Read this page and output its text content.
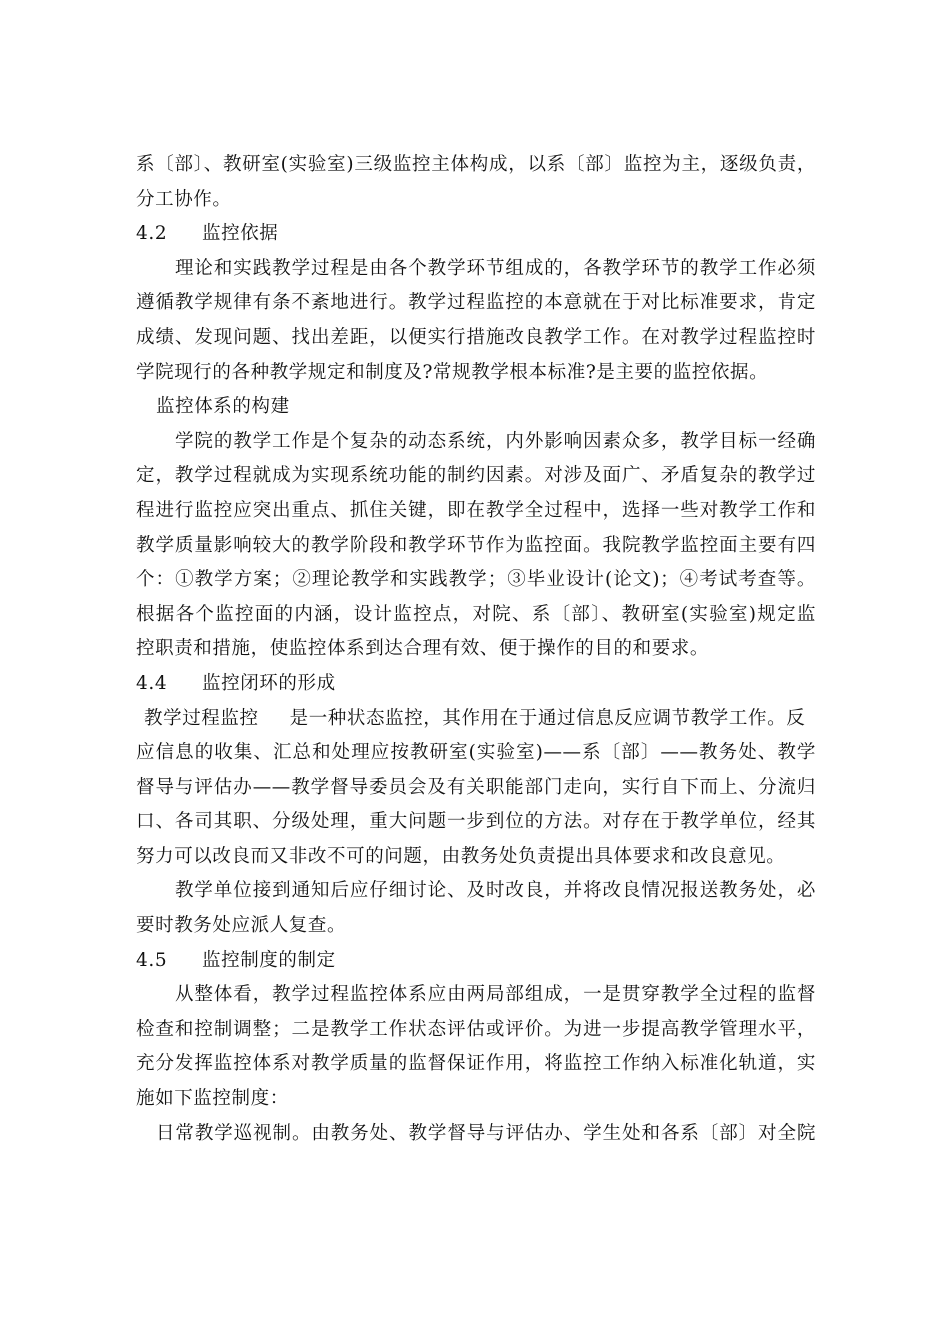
系〔部〕、教研室(实验室)三级监控主体构成，以系〔部〕监控为主，逐级负责，
分工协作。
4.2 监控依据
理论和实践教学过程是由各个教学环节组成的，各教学环节的教学工作必须
遵循教学规律有条不紊地进行。教学过程监控的本意就在于对比标准要求，肯定
成绩、发现问题、找出差距，以便实行措施改良教学工作。在对教学过程监控时
学院现行的各种教学规定和制度及?常规教学根本标准?是主要的监控依据。
监控体系的构建
学院的教学工作是个复杂的动态系统，内外影响因素众多，教学目标一经确
定，教学过程就成为实现系统功能的制约因素。对涉及面广、矛盾复杂的教学过
程进行监控应突出重点、抓住关键，即在教学全过程中，选择一些对教学工作和
教学质量影响较大的教学阶段和教学环节作为监控面。我院教学监控面主要有四
个：①教学方案；②理论教学和实践教学；③毕业设计(论文)；④考试考查等。
根据各个监控面的内涵，设计监控点，对院、系〔部〕、教研室(实验室)规定监
控职责和措施，使监控体系到达合理有效、便于操作的目的和要求。
4.4 监控闭环的形成
教学过程监控 是一种状态监控，其作用在于通过信息反应调节教学工作。反
应信息的收集、汇总和处理应按教研室(实验室)——系〔部〕——教务处、教学
督导与评估办——教学督导委员会及有关职能部门走向，实行自下而上、分流归
口、各司其职、分级处理，重大问题一步到位的方法。对存在于教学单位，经其
努力可以改良而又非改不可的问题，由教务处负责提出具体要求和改良意见。
教学单位接到通知后应仔细讨论、及时改良，并将改良情况报送教务处，必
要时教务处应派人复查。
4.5 监控制度的制定
从整体看，教学过程监控体系应由两局部组成，一是贯穿教学全过程的监督
检查和控制调整；二是教学工作状态评估或评价。为进一步提高教学管理水平，
充分发挥监控体系对教学质量的监督保证作用，将监控工作纳入标准化轨道，实
施如下监控制度：
日常教学巡视制。由教务处、教学督导与评估办、学生处和各系〔部〕对全院
